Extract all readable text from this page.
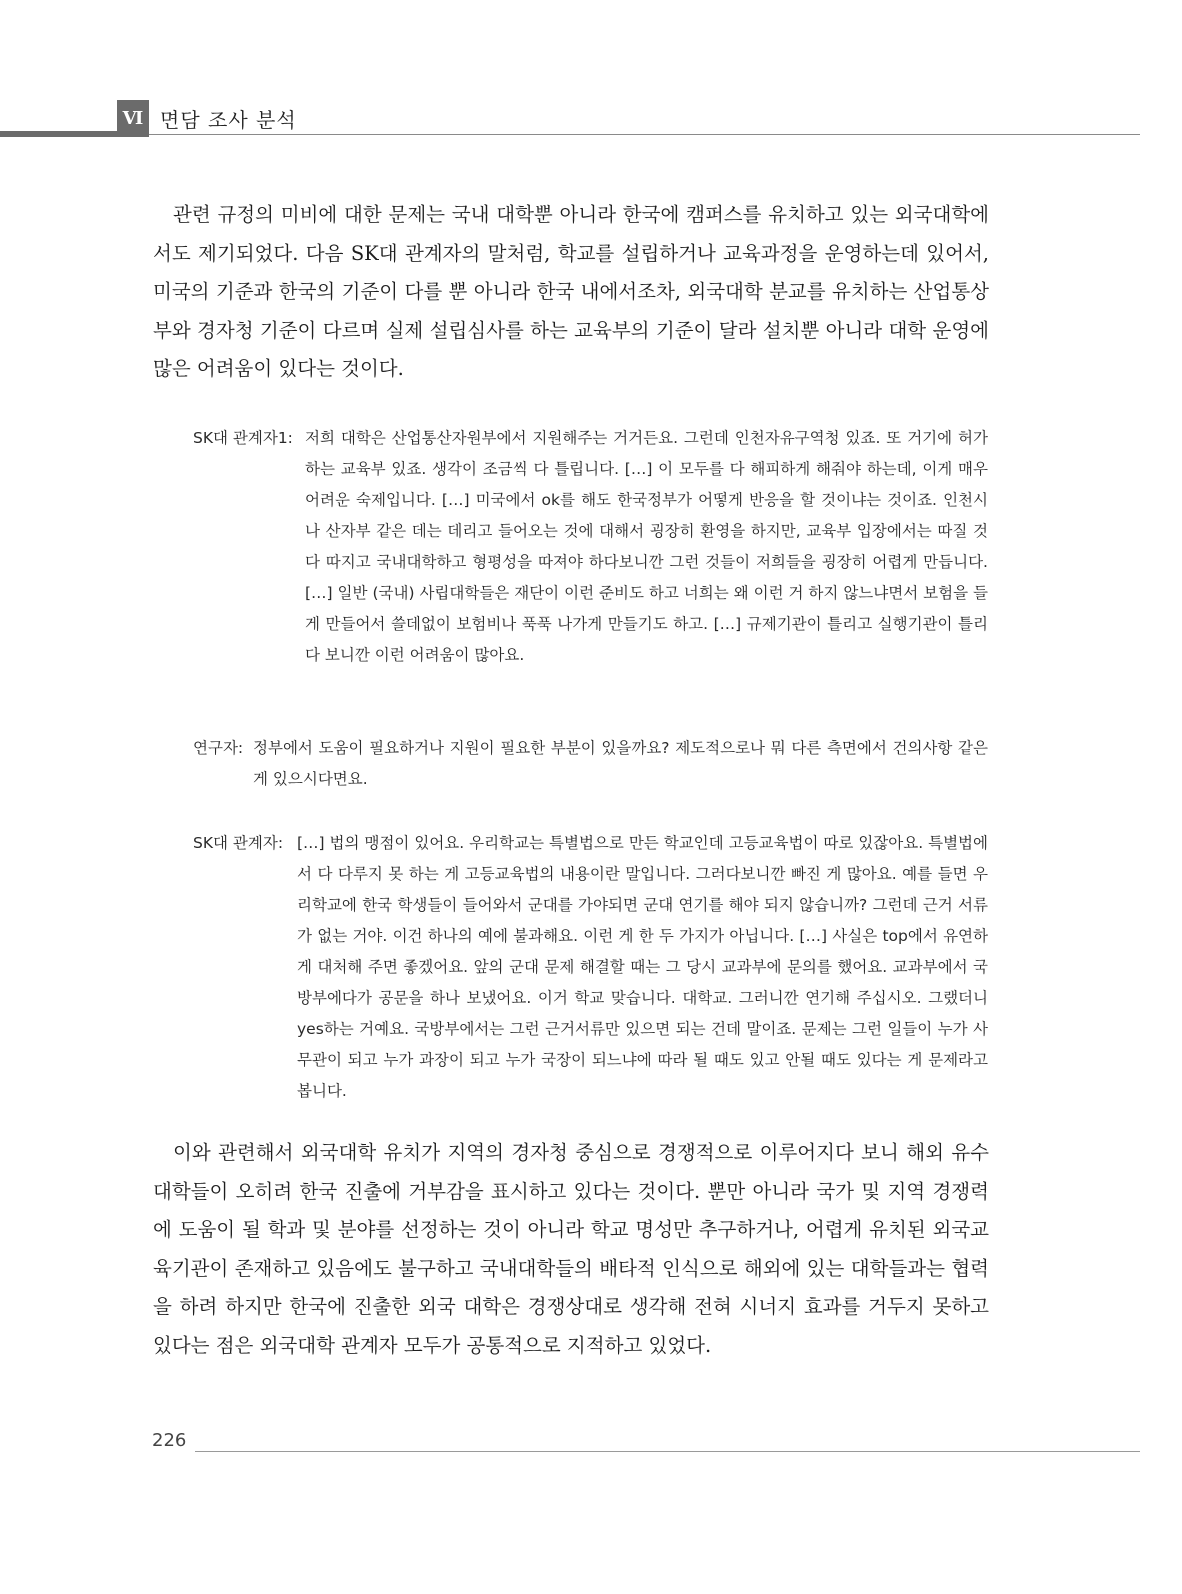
Ⅵ 면담 조사 분석

관련 규정의 미비에 대한 문제는 국내 대학뿐 아니라 한국에 캠퍼스를 유치하고 있는 외국대학에서도 제기되었다. 다음 SK대 관계자의 말처럼, 학교를 설립하거나 교육과정을 운영하는데 있어서, 미국의 기준과 한국의 기준이 다를 뿐 아니라 한국 내에서조차, 외국대학 분교를 유치하는 산업통상부와 경자청 기준이 다르며 실제 설립심사를 하는 교육부의 기준이 달라 설치뿐 아니라 대학 운영에 많은 어려움이 있다는 것이다.

SK대 관계자1: 저희 대학은 산업통산자원부에서 지원해주는 거거든요. 그런데 인천자유구역청 있죠. 또 거기에 허가하는 교육부 있죠. 생각이 조금씩 다 틀립니다. […] 이 모두를 다 해피하게 해줘야 하는데, 이게 매우 어려운 숙제입니다. […] 미국에서 ok를 해도 한국정부가 어떻게 반응을 할 것이냐는 것이죠. 인천시나 산자부 같은 데는 데리고 들어오는 것에 대해서 굉장히 환영을 하지만, 교육부 입장에서는 따질 것 다 따지고 국내대학하고 형평성을 따져야 하다보니깐 그런 것들이 저희들을 굉장히 어렵게 만듭니다. […] 일반 (국내) 사립대학들은 재단이 이런 준비도 하고 너희는 왜 이런 거 하지 않느냐면서 보험을 들게 만들어서 쓸데없이 보험비나 푹푹 나가게 만들기도 하고. […] 규제기관이 틀리고 실행기관이 틀리다 보니깐 이런 어려움이 많아요.
연구자: 정부에서 도움이 필요하거나 지원이 필요한 부분이 있을까요? 제도적으로나 뭐 다른 측면에서 건의사항 같은 게 있으시다면요.
SK대 관계자: […] 법의 맹점이 있어요. 우리학교는 특별법으로 만든 학교인데 고등교육법이 따로 있잖아요. 특별법에서 다 다루지 못 하는 게 고등교육법의 내용이란 말입니다. 그러다보니깐 빠진 게 많아요. 예를 들면 우리학교에 한국 학생들이 들어와서 군대를 가야되면 군대 연기를 해야 되지 않습니까? 그런데 근거 서류가 없는 거야. 이건 하나의 예에 불과해요. 이런 게 한 두 가지가 아닙니다. […] 사실은 top에서 유연하게 대처해 주면 좋겠어요. 앞의 군대 문제 해결할 때는 그 당시 교과부에 문의를 했어요. 교과부에서 국방부에다가 공문을 하나 보냈어요. 이거 학교 맞습니다. 대학교. 그러니깐 연기해 주십시오. 그랬더니 yes하는 거예요. 국방부에서는 그런 근거서류만 있으면 되는 건데 말이죠. 문제는 그런 일들이 누가 사무관이 되고 누가 과장이 되고 누가 국장이 되느냐에 따라 될 때도 있고 안될 때도 있다는 게 문제라고 봅니다.

이와 관련해서 외국대학 유치가 지역의 경자청 중심으로 경쟁적으로 이루어지다 보니 해외 유수대학들이 오히려 한국 진출에 거부감을 표시하고 있다는 것이다. 뿐만 아니라 국가 및 지역 경쟁력에 도움이 될 학과 및 분야를 선정하는 것이 아니라 학교 명성만 추구하거나, 어렵게 유치된 외국교육기관이 존재하고 있음에도 불구하고 국내대학들의 배타적 인식으로 해외에 있는 대학들과는 협력을 하려 하지만 한국에 진출한 외국 대학은 경쟁상대로 생각해 전혀 시너지 효과를 거두지 못하고 있다는 점은 외국대학 관계자 모두가 공통적으로 지적하고 있었다.

226
